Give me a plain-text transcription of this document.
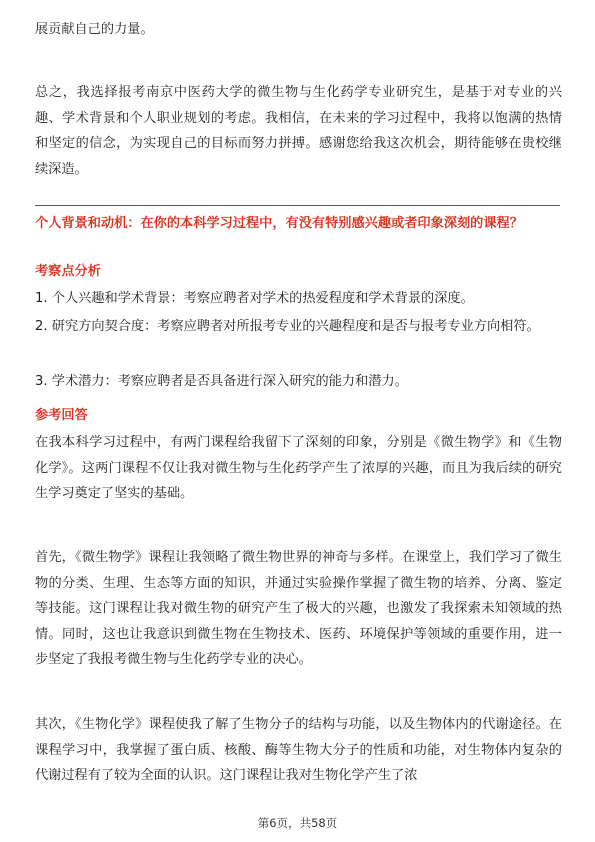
展贡献自己的力量。

总之，我选择报考南京中医药大学的微生物与生化药学专业研究生，是基于对专业的兴趣、学术背景和个人职业规划的考虑。我相信，在未来的学习过程中，我将以饱满的热情和坚定的信念，为实现自己的目标而努力拼搏。感谢您给我这次机会，期待能够在贵校继续深造。

个人背景和动机：在你的本科学习过程中，有没有特别感兴趣或者印象深刻的课程？

考察点分析

1. 个人兴趣和学术背景：考察应聘者对学术的热爱程度和学术背景的深度。

2. 研究方向契合度：考察应聘者对所报考专业的兴趣程度和是否与报考专业方向相符。

3. 学术潜力：考察应聘者是否具备进行深入研究的能力和潜力。

参考回答

在我本科学习过程中，有两门课程给我留下了深刻的印象，分别是《微生物学》和《生物化学》。这两门课程不仅让我对微生物与生化药学产生了浓厚的兴趣，而且为我后续的研究生学习奠定了坚实的基础。

首先，《微生物学》课程让我领略了微生物世界的神奇与多样。在课堂上，我们学习了微生物的分类、生理、生态等方面的知识，并通过实验操作掌握了微生物的培养、分离、鉴定等技能。这门课程让我对微生物的研究产生了极大的兴趣，也激发了我探索未知领域的热情。同时，这也让我意识到微生物在生物技术、医药、环境保护等领域的重要作用，进一步坚定了我报考微生物与生化药学专业的决心。

其次，《生物化学》课程使我了解了生物分子的结构与功能，以及生物体内的代谢途径。在课程学习中，我掌握了蛋白质、核酸、酶等生物大分子的性质和功能，对生物体内复杂的代谢过程有了较为全面的认识。这门课程让我对生物化学产生了浓

第6页，共58页
